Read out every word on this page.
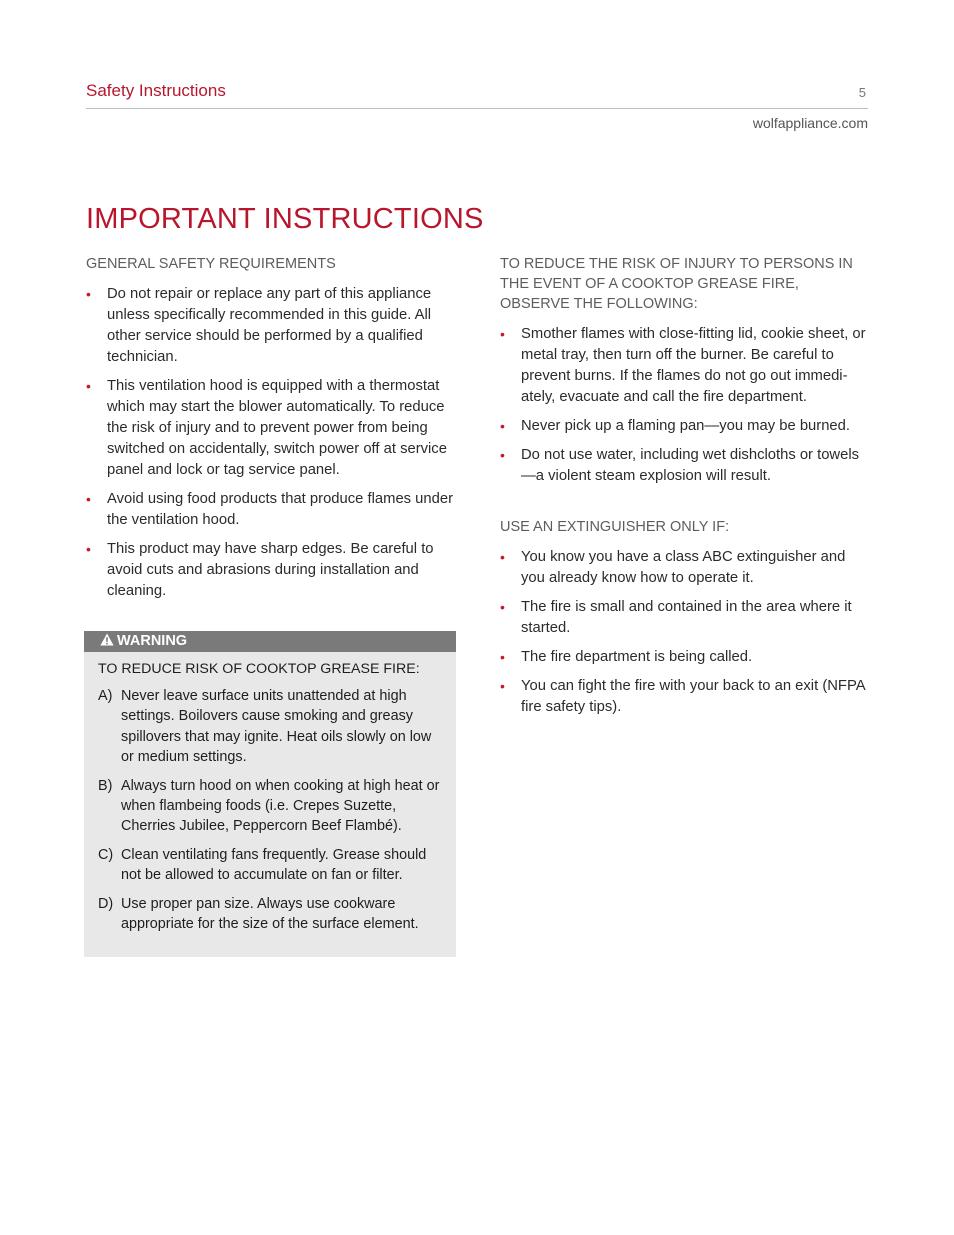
Safety Instructions	5
wolfappliance.com
IMPORTANT INSTRUCTIONS
GENERAL SAFETY REQUIREMENTS
• Do not repair or replace any part of this appliance unless specifically recommended in this guide. All other service should be performed by a qualified technician.
• This ventilation hood is equipped with a thermostat which may start the blower automatically. To reduce the risk of injury and to prevent power from being switched on accidentally, switch power off at service panel and lock or tag service panel.
• Avoid using food products that produce flames under the ventilation hood.
• This product may have sharp edges. Be careful to avoid cuts and abrasions during installation and cleaning.
WARNING
TO REDUCE RISK OF COOKTOP GREASE FIRE:
A) Never leave surface units unattended at high settings. Boilovers cause smoking and greasy spillovers that may ignite. Heat oils slowly on low or medium settings.
B) Always turn hood on when cooking at high heat or when flambeing foods (i.e. Crepes Suzette, Cherries Jubilee, Peppercorn Beef Flambé).
C) Clean ventilating fans frequently. Grease should not be allowed to accumulate on fan or filter.
D) Use proper pan size. Always use cookware appropriate for the size of the surface element.
TO REDUCE THE RISK OF INJURY TO PERSONS IN THE EVENT OF A COOKTOP GREASE FIRE, OBSERVE THE FOLLOWING:
• Smother flames with close-fitting lid, cookie sheet, or metal tray, then turn off the burner. Be careful to prevent burns. If the flames do not go out immedi-ately, evacuate and call the fire department.
• Never pick up a flaming pan—you may be burned.
• Do not use water, including wet dishcloths or towels—a violent steam explosion will result.
USE AN EXTINGUISHER ONLY IF:
• You know you have a class ABC extinguisher and you already know how to operate it.
• The fire is small and contained in the area where it started.
• The fire department is being called.
• You can fight the fire with your back to an exit (NFPA fire safety tips).
